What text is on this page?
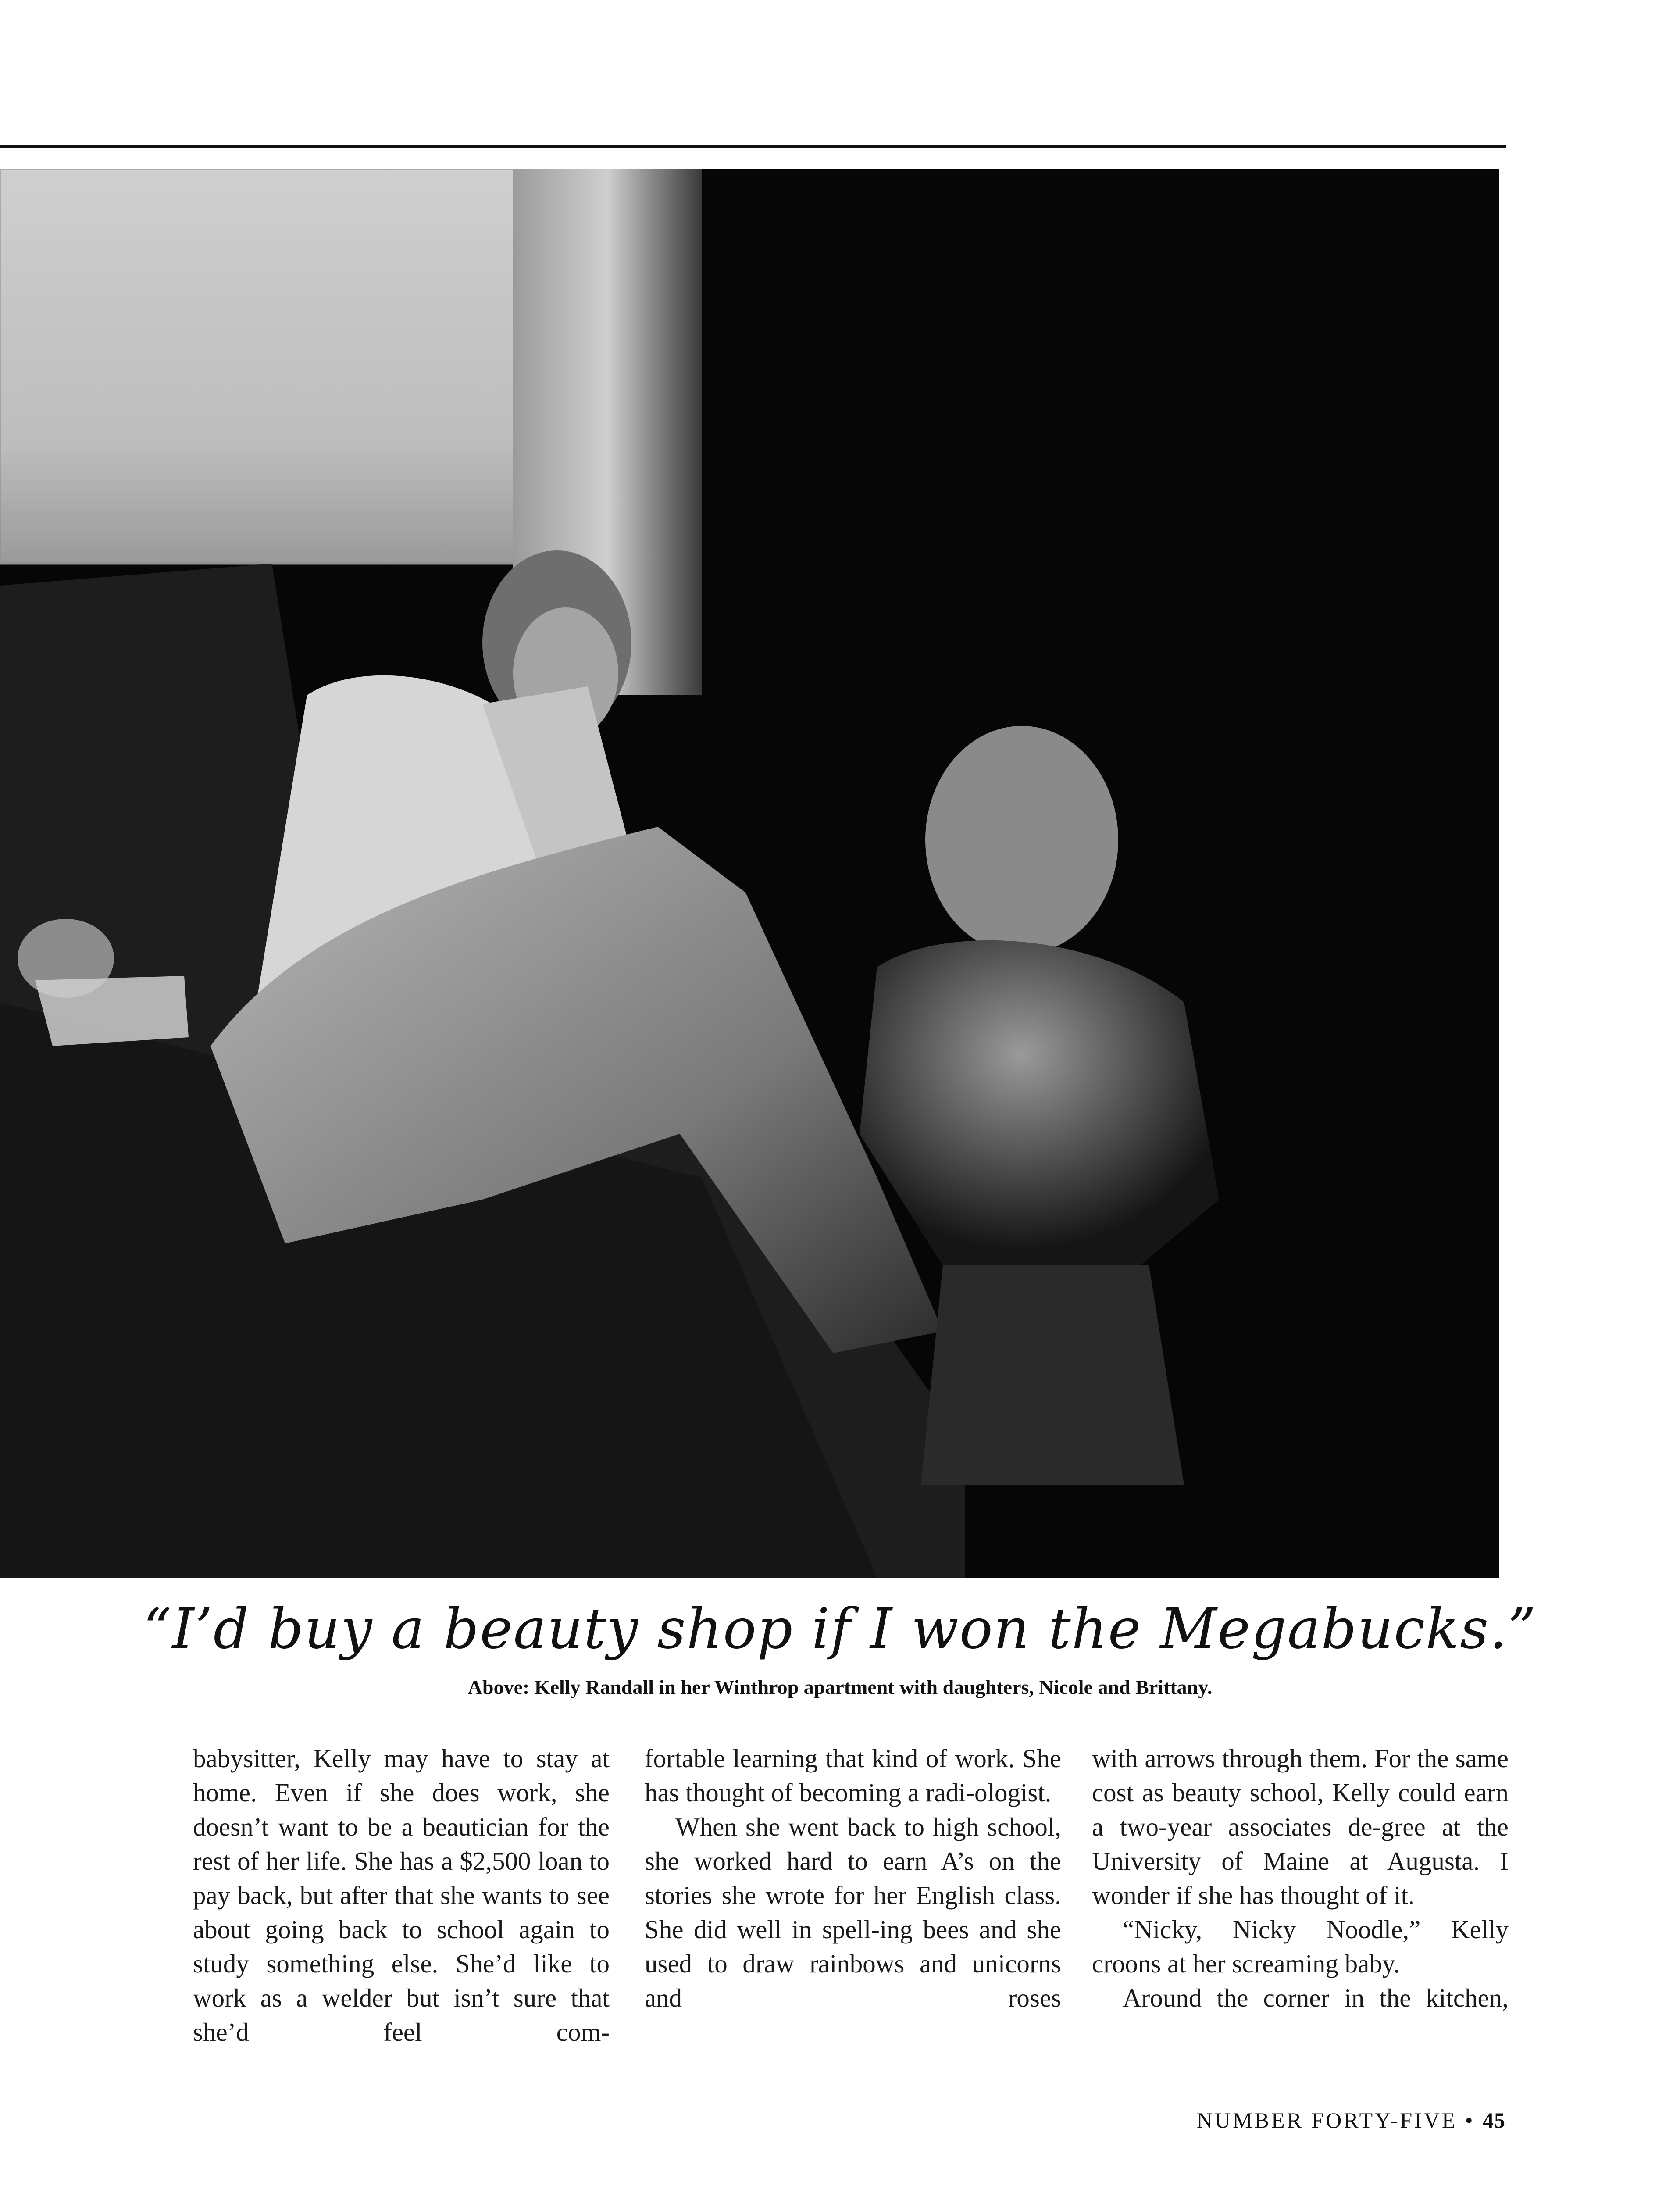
“I’d buy a beauty shop if I won the Megabucks.”
Above: Kelly Randall in her Winthrop apartment with daughters, Nicole and Brittany.

babysitter, Kelly may have to stay at home. Even if she does work, she doesn’t want to be a beautician for the rest of her life. She has a $2,500 loan to pay back, but after that she wants to see about going back to school again to study something else. She’d like to work as a welder but isn’t sure that she’d feel com-

fortable learning that kind of work. She has thought of becoming a radi-ologist.

When she went back to high school, she worked hard to earn A’s on the stories she wrote for her English class. She did well in spell-ing bees and she used to draw rainbows and unicorns and roses

with arrows through them. For the same cost as beauty school, Kelly could earn a two-year associates de-gree at the University of Maine at Augusta. I wonder if she has thought of it.

“Nicky, Nicky Noodle,” Kelly croons at her screaming baby.

Around the corner in the kitchen,

NUMBER FORTY-FIVE • 45
